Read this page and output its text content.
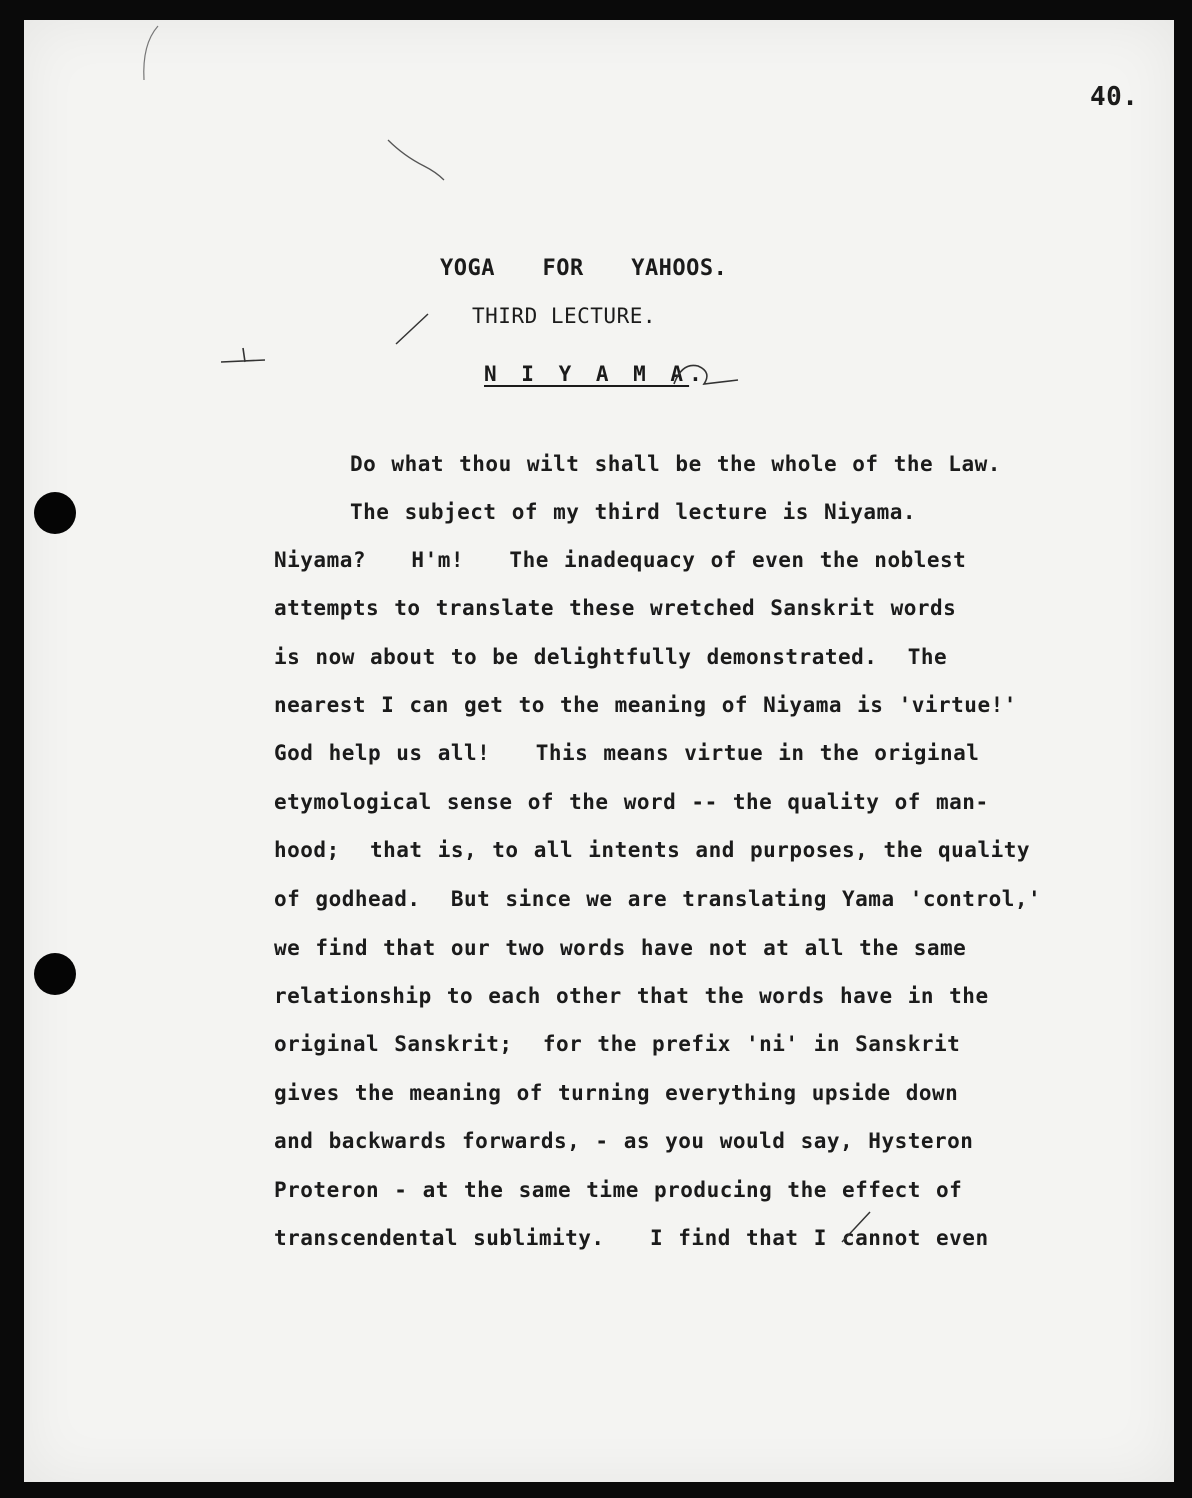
40.
YOGA  FOR  YAHOOS.
THIRD LECTURE.
N I Y A M A.
Do what thou wilt shall be the whole of the Law.
The subject of my third lecture is Niyama.
Niyama?   H'm!   The inadequacy of even the noblest
attempts to translate these wretched Sanskrit words
is now about to be delightfully demonstrated.  The
nearest I can get to the meaning of Niyama is 'virtue!'
God help us all!   This means virtue in the original
etymological sense of the word -- the quality of man-
hood;  that is, to all intents and purposes, the quality
of godhead.  But since we are translating Yama 'control,'
we find that our two words have not at all the same
relationship to each other that the words have in the
original Sanskrit;  for the prefix 'ni' in Sanskrit
gives the meaning of turning everything upside down
and backwards forwards, - as you would say, Hysteron
Proteron - at the same time producing the effect of
transcendental sublimity.   I find that I cannot even
